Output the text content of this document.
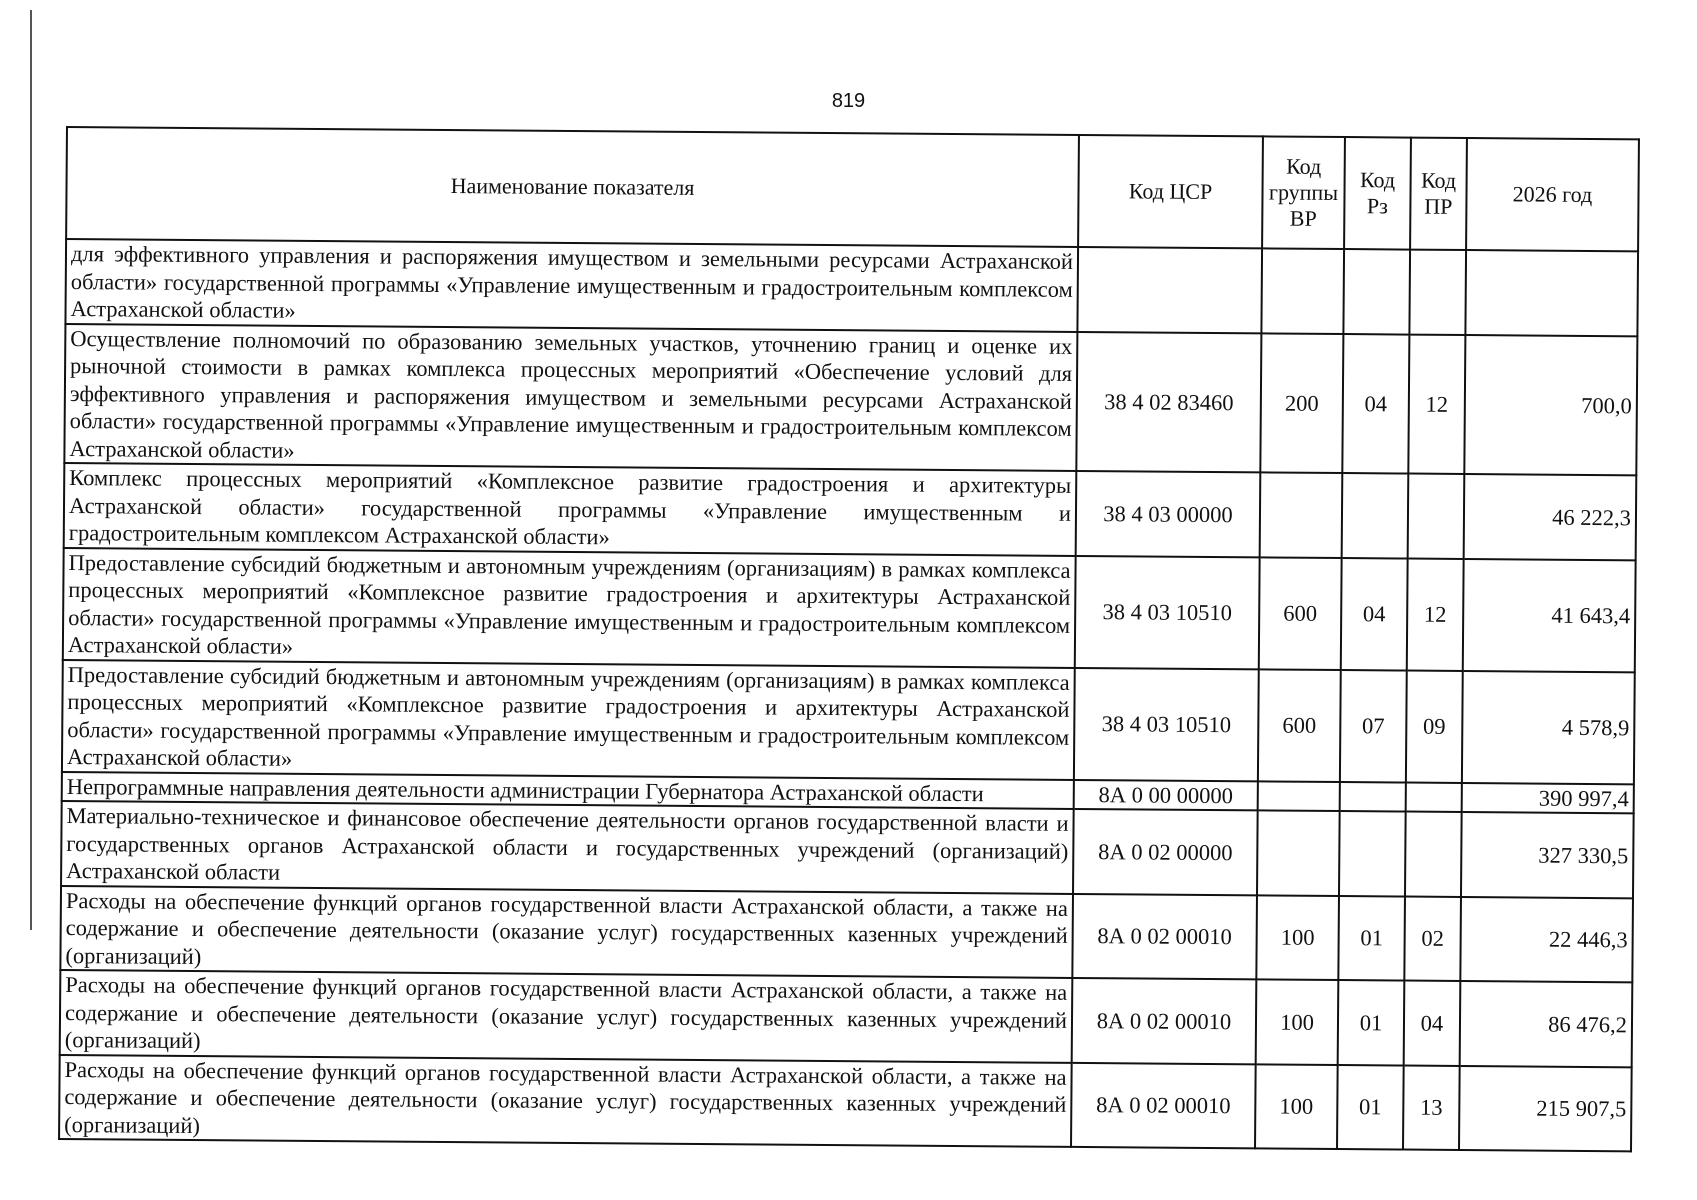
819
Наименование показателя	Код ЦСР	Код группы ВР	Код Рз	Код ПР	2026 год
для эффективного управления и распоряжения имуществом и земельными ресурсами Астраханской области» государственной программы «Управление имущественным и градостроительным комплексом Астраханской области»					
Осуществление полномочий по образованию земельных участков, уточнению границ и оценке их рыночной стоимости в рамках комплекса процессных мероприятий «Обеспечение условий для эффективного управления и распоряжения имуществом и земельными ресурсами Астраханской области» государственной программы «Управление имущественным и градостроительным комплексом Астраханской области»	38 4 02 83460	200	04	12	700,0
Комплекс процессных мероприятий «Комплексное развитие градостроения и архитектуры Астраханской области» государственной программы «Управление имущественным и градостроительным комплексом Астраханской области»	38 4 03 00000				46 222,3
Предоставление субсидий бюджетным и автономным учреждениям (организациям) в рамках комплекса процессных мероприятий «Комплексное развитие градостроения и архитектуры Астраханской области» государственной программы «Управление имущественным и градостроительным комплексом Астраханской области»	38 4 03 10510	600	04	12	41 643,4
Предоставление субсидий бюджетным и автономным учреждениям (организациям) в рамках комплекса процессных мероприятий «Комплексное развитие градостроения и архитектуры Астраханской области» государственной программы «Управление имущественным и градостроительным комплексом Астраханской области»	38 4 03 10510	600	07	09	4 578,9
Непрограммные направления деятельности администрации Губернатора Астраханской области	8А 0 00 00000				390 997,4
Материально-техническое и финансовое обеспечение деятельности органов государственной власти и государственных органов Астраханской области и государственных учреждений (организаций) Астраханской области	8А 0 02 00000				327 330,5
Расходы на обеспечение функций органов государственной власти Астраханской области, а также на содержание и обеспечение деятельности (оказание услуг) государственных казенных учреждений (организаций)	8А 0 02 00010	100	01	02	22 446,3
Расходы на обеспечение функций органов государственной власти Астраханской области, а также на содержание и обеспечение деятельности (оказание услуг) государственных казенных учреждений (организаций)	8А 0 02 00010	100	01	04	86 476,2
Расходы на обеспечение функций органов государственной власти Астраханской области, а также на содержание и обеспечение деятельности (оказание услуг) государственных казенных учреждений (организаций)	8А 0 02 00010	100	01	13	215 907,5
